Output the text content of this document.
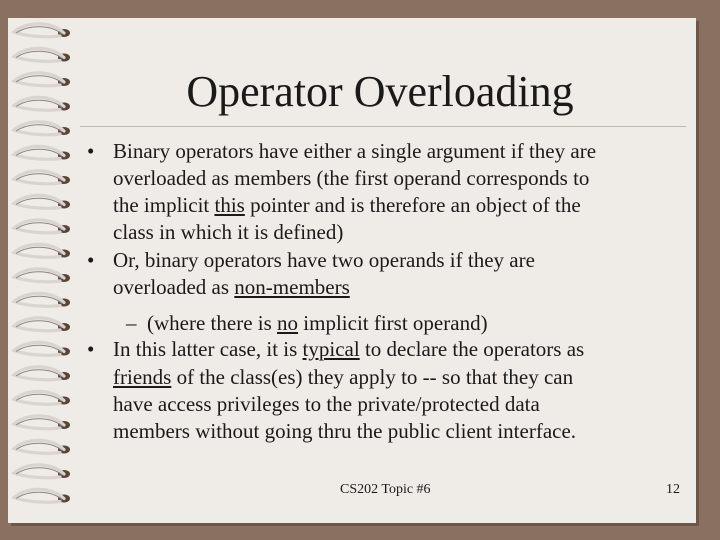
Operator Overloading
• Binary operators have either a single argument if they are
overloaded as members (the first operand corresponds to
the implicit this pointer and is therefore an object of the
class in which it is defined)
• Or, binary operators have two operands if they are
overloaded as non-members
– (where there is no implicit first operand)
• In this latter case, it is typical to declare the operators as
friends of the class(es) they apply to -- so that they can
have access privileges to the private/protected data
members without going thru the public client interface.
CS202 Topic #6	12
